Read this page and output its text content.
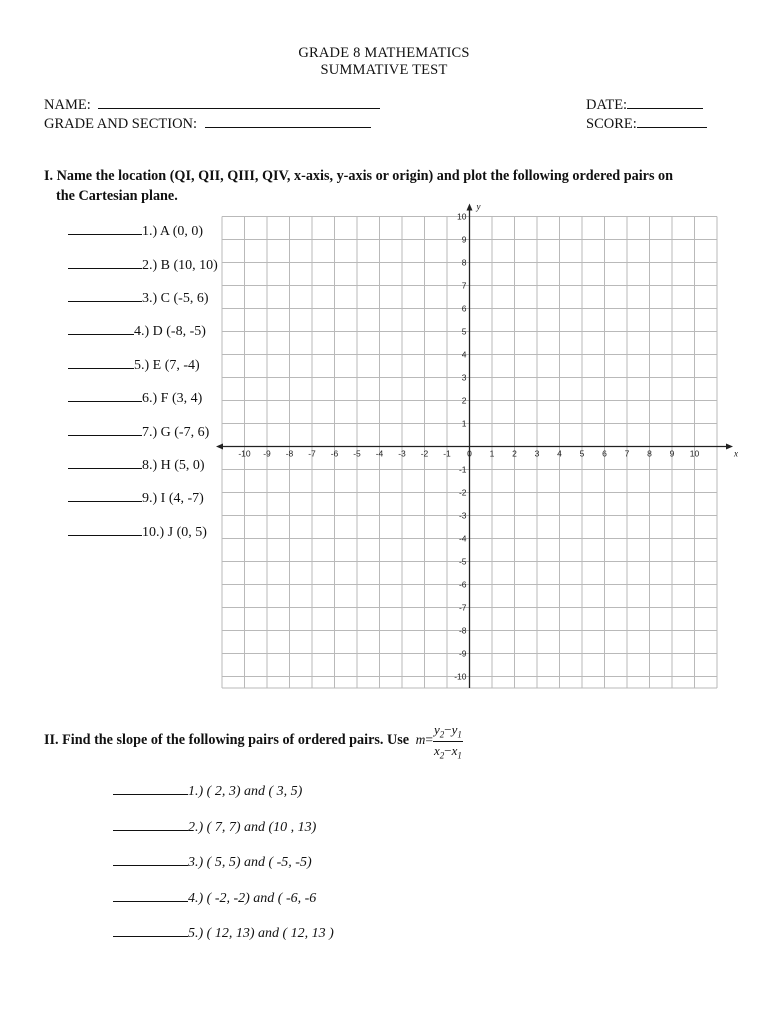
GRADE 8 MATHEMATICS
SUMMATIVE TEST
NAME:
GRADE AND SECTION:
DATE:
SCORE:
I. Name the location (QI, QII, QIII, QIV, x-axis, y-axis or origin) and plot the following ordered pairs on
the Cartesian plane.
1.) A (0, 0)
2.) B (10, 10)
3.) C (-5, 6)
4.) D (-8, -5)
5.) E (7, -4)
6.) F (3, 4)
7.) G (-7, 6)
8.) H (5, 0)
9.) I (4, -7)
10.) J (0, 5)
x
y
-10 -9 -8 -7 -6 -5 -4 -3 -2 -1 0 1 2 3 4 5 6 7 8 9 10
10
9
8
7
6
5
4
3
2
1
-1
-2
-3
-4
-5
-6
-7
-8
-9
-10
II. Find the slope of the following pairs of ordered pairs. Use $m= \frac{y_2-y_1}{x_2-x_1}$
1.) ( 2, 3) and ( 3, 5)
2.) ( 7, 7) and (10 , 13)
3.) ( 5, 5) and ( -5, -5)
4.) ( -2, -2) and ( -6, -6
5.) ( 12, 13) and ( 12, 13 )
